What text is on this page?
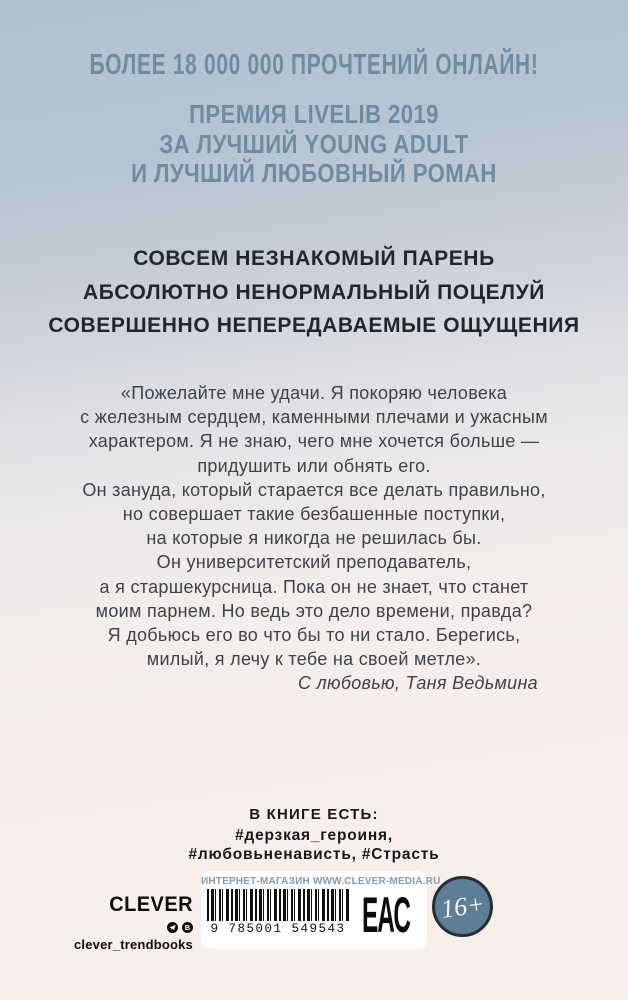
БОЛЕЕ 18 000 000 ПРОЧТЕНИЙ ОНЛАЙН!
ПРЕМИЯ LIVELIB 2019
ЗА ЛУЧШИЙ YOUNG ADULT
И ЛУЧШИЙ ЛЮБОВНЫЙ РОМАН
СОВСЕМ НЕЗНАКОМЫЙ ПАРЕНЬ
АБСОЛЮТНО НЕНОРМАЛЬНЫЙ ПОЦЕЛУЙ
СОВЕРШЕННО НЕПЕРЕДАВАЕМЫЕ ОЩУЩЕНИЯ
«Пожелайте мне удачи. Я покоряю человека
с железным сердцем, каменными плечами и ужасным
характером. Я не знаю, чего мне хочется больше —
придушить или обнять его.
Он зануда, который старается все делать правильно,
но совершает такие безбашенные поступки,
на которые я никогда не решилась бы.
Он университетский преподаватель,
а я старшекурсница. Пока он не знает, что станет
моим парнем. Но ведь это дело времени, правда?
Я добьюсь его во что бы то ни стало. Берегись,
милый, я лечу к тебе на своей метле».
С любовью, Таня Ведьмина
В КНИГЕ ЕСТЬ:
#дерзкая_героиня,
#любовьненависть, #Страсть
CLEVER
В
clever_trendbooks
ИНТЕРНЕТ-МАГАЗИН WWW.CLEVER-MEDIA.RU
9 785001 549543 ЕАС 16+
